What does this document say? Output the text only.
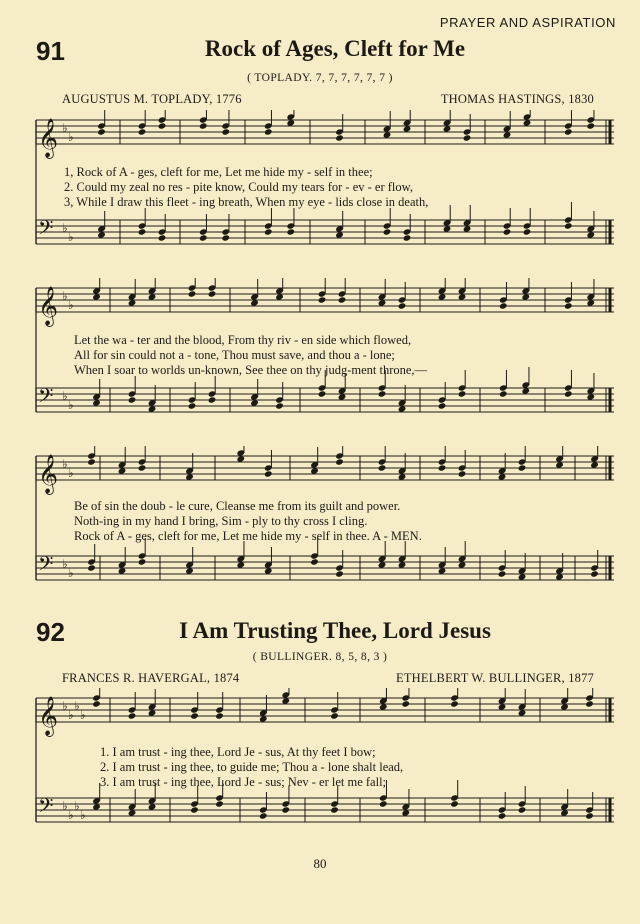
PRAYER AND ASPIRATION
91	Rock of Ages, Cleft for Me
( TOPLADY. 7, 7, 7, 7, 7, 7 )
AUGUSTUS M. TOPLADY, 1776	THOMAS HASTINGS, 1830
𝄞 ♭
♭
𝄢 ♭
♭
1, Rock of A - ges, cleft for me, Let me hide my - self in thee;
2. Could my zeal no res - pite know, Could my tears for - ev - er flow,
3, While I draw this fleet - ing breath, When my eye - lids close in death,
𝄞 ♭
♭
𝄢 ♭
♭
Let the wa - ter and the blood, From thy riv - en side which flowed,
All for sin could not a - tone, Thou must save, and thou a - lone;
When I soar to worlds un-known, See thee on thy judg-ment throne,—
𝄞 ♭
♭
𝄢 ♭
♭
Be of sin the doub - le cure, Cleanse me from its guilt and power.
Noth-ing in my hand I bring, Sim - ply to thy cross I cling.
Rock of A - ges, cleft for me, Let me hide my - self in thee. A - MEN.
92	I Am Trusting Thee, Lord Jesus
( BULLINGER. 8, 5, 8, 3 )
FRANCES R. HAVERGAL, 1874	ETHELBERT W. BULLINGER, 1877
𝄞 ♭
♭
♭
♭
𝄢 ♭
♭
♭
♭
1. I am trust - ing thee, Lord Je - sus, At thy feet I bow;
2. I am trust - ing thee, to guide me; Thou a - lone shalt lead,
3. I am trust - ing thee, Lord Je - sus; Nev - er let me fall;
80
